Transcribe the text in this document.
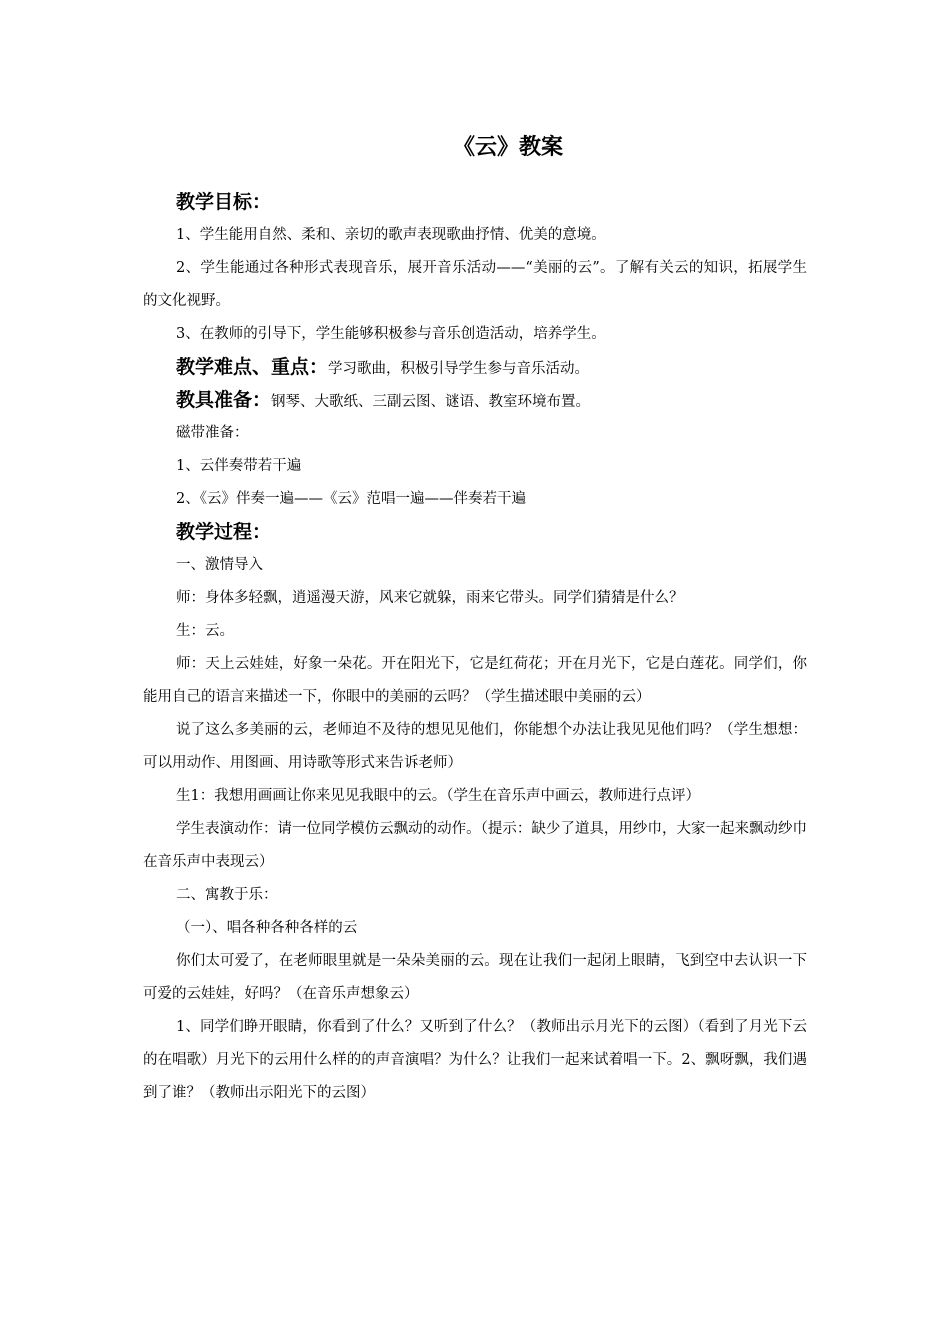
《云》教案
教学目标：

1、学生能用自然、柔和、亲切的歌声表现歌曲抒情、优美的意境。

2、学生能通过各种形式表现音乐，展开音乐活动——“美丽的云”。了解有关云的知识，拓展学生的文化视野。

3、在教师的引导下，学生能够积极参与音乐创造活动，培养学生。

教学难点、重点：学习歌曲，积极引导学生参与音乐活动。
教具准备：钢琴、大歌纸、三副云图、谜语、教室环境布置。

磁带准备：

1、云伴奏带若干遍

2、《云》伴奏一遍——《云》范唱一遍——伴奏若干遍

教学过程：

一、激情导入

师：身体多轻飘，逍遥漫天游，风来它就躲，雨来它带头。同学们猜猜是什么？

生：云。

师：天上云娃娃，好象一朵花。开在阳光下，它是红荷花；开在月光下，它是白莲花。同学们，你能用自己的语言来描述一下，你眼中的美丽的云吗？（学生描述眼中美丽的云）

说了这么多美丽的云，老师迫不及待的想见见他们，你能想个办法让我见见他们吗？（学生想想：可以用动作、用图画、用诗歌等形式来告诉老师）

生1：我想用画画让你来见见我眼中的云。（学生在音乐声中画云，教师进行点评）

学生表演动作：请一位同学模仿云飘动的动作。（提示：缺少了道具，用纱巾，大家一起来飘动纱巾在音乐声中表现云）

二、寓教于乐：

（一）、唱各种各种各样的云

你们太可爱了，在老师眼里就是一朵朵美丽的云。现在让我们一起闭上眼睛，飞到空中去认识一下可爱的云娃娃，好吗？（在音乐声想象云）

1、同学们睁开眼睛，你看到了什么？又听到了什么？（教师出示月光下的云图）（看到了月光下云的在唱歌）月光下的云用什么样的的声音演唱？为什么？让我们一起来试着唱一下。2、飘呀飘，我们遇到了谁？（教师出示阳光下的云图）
